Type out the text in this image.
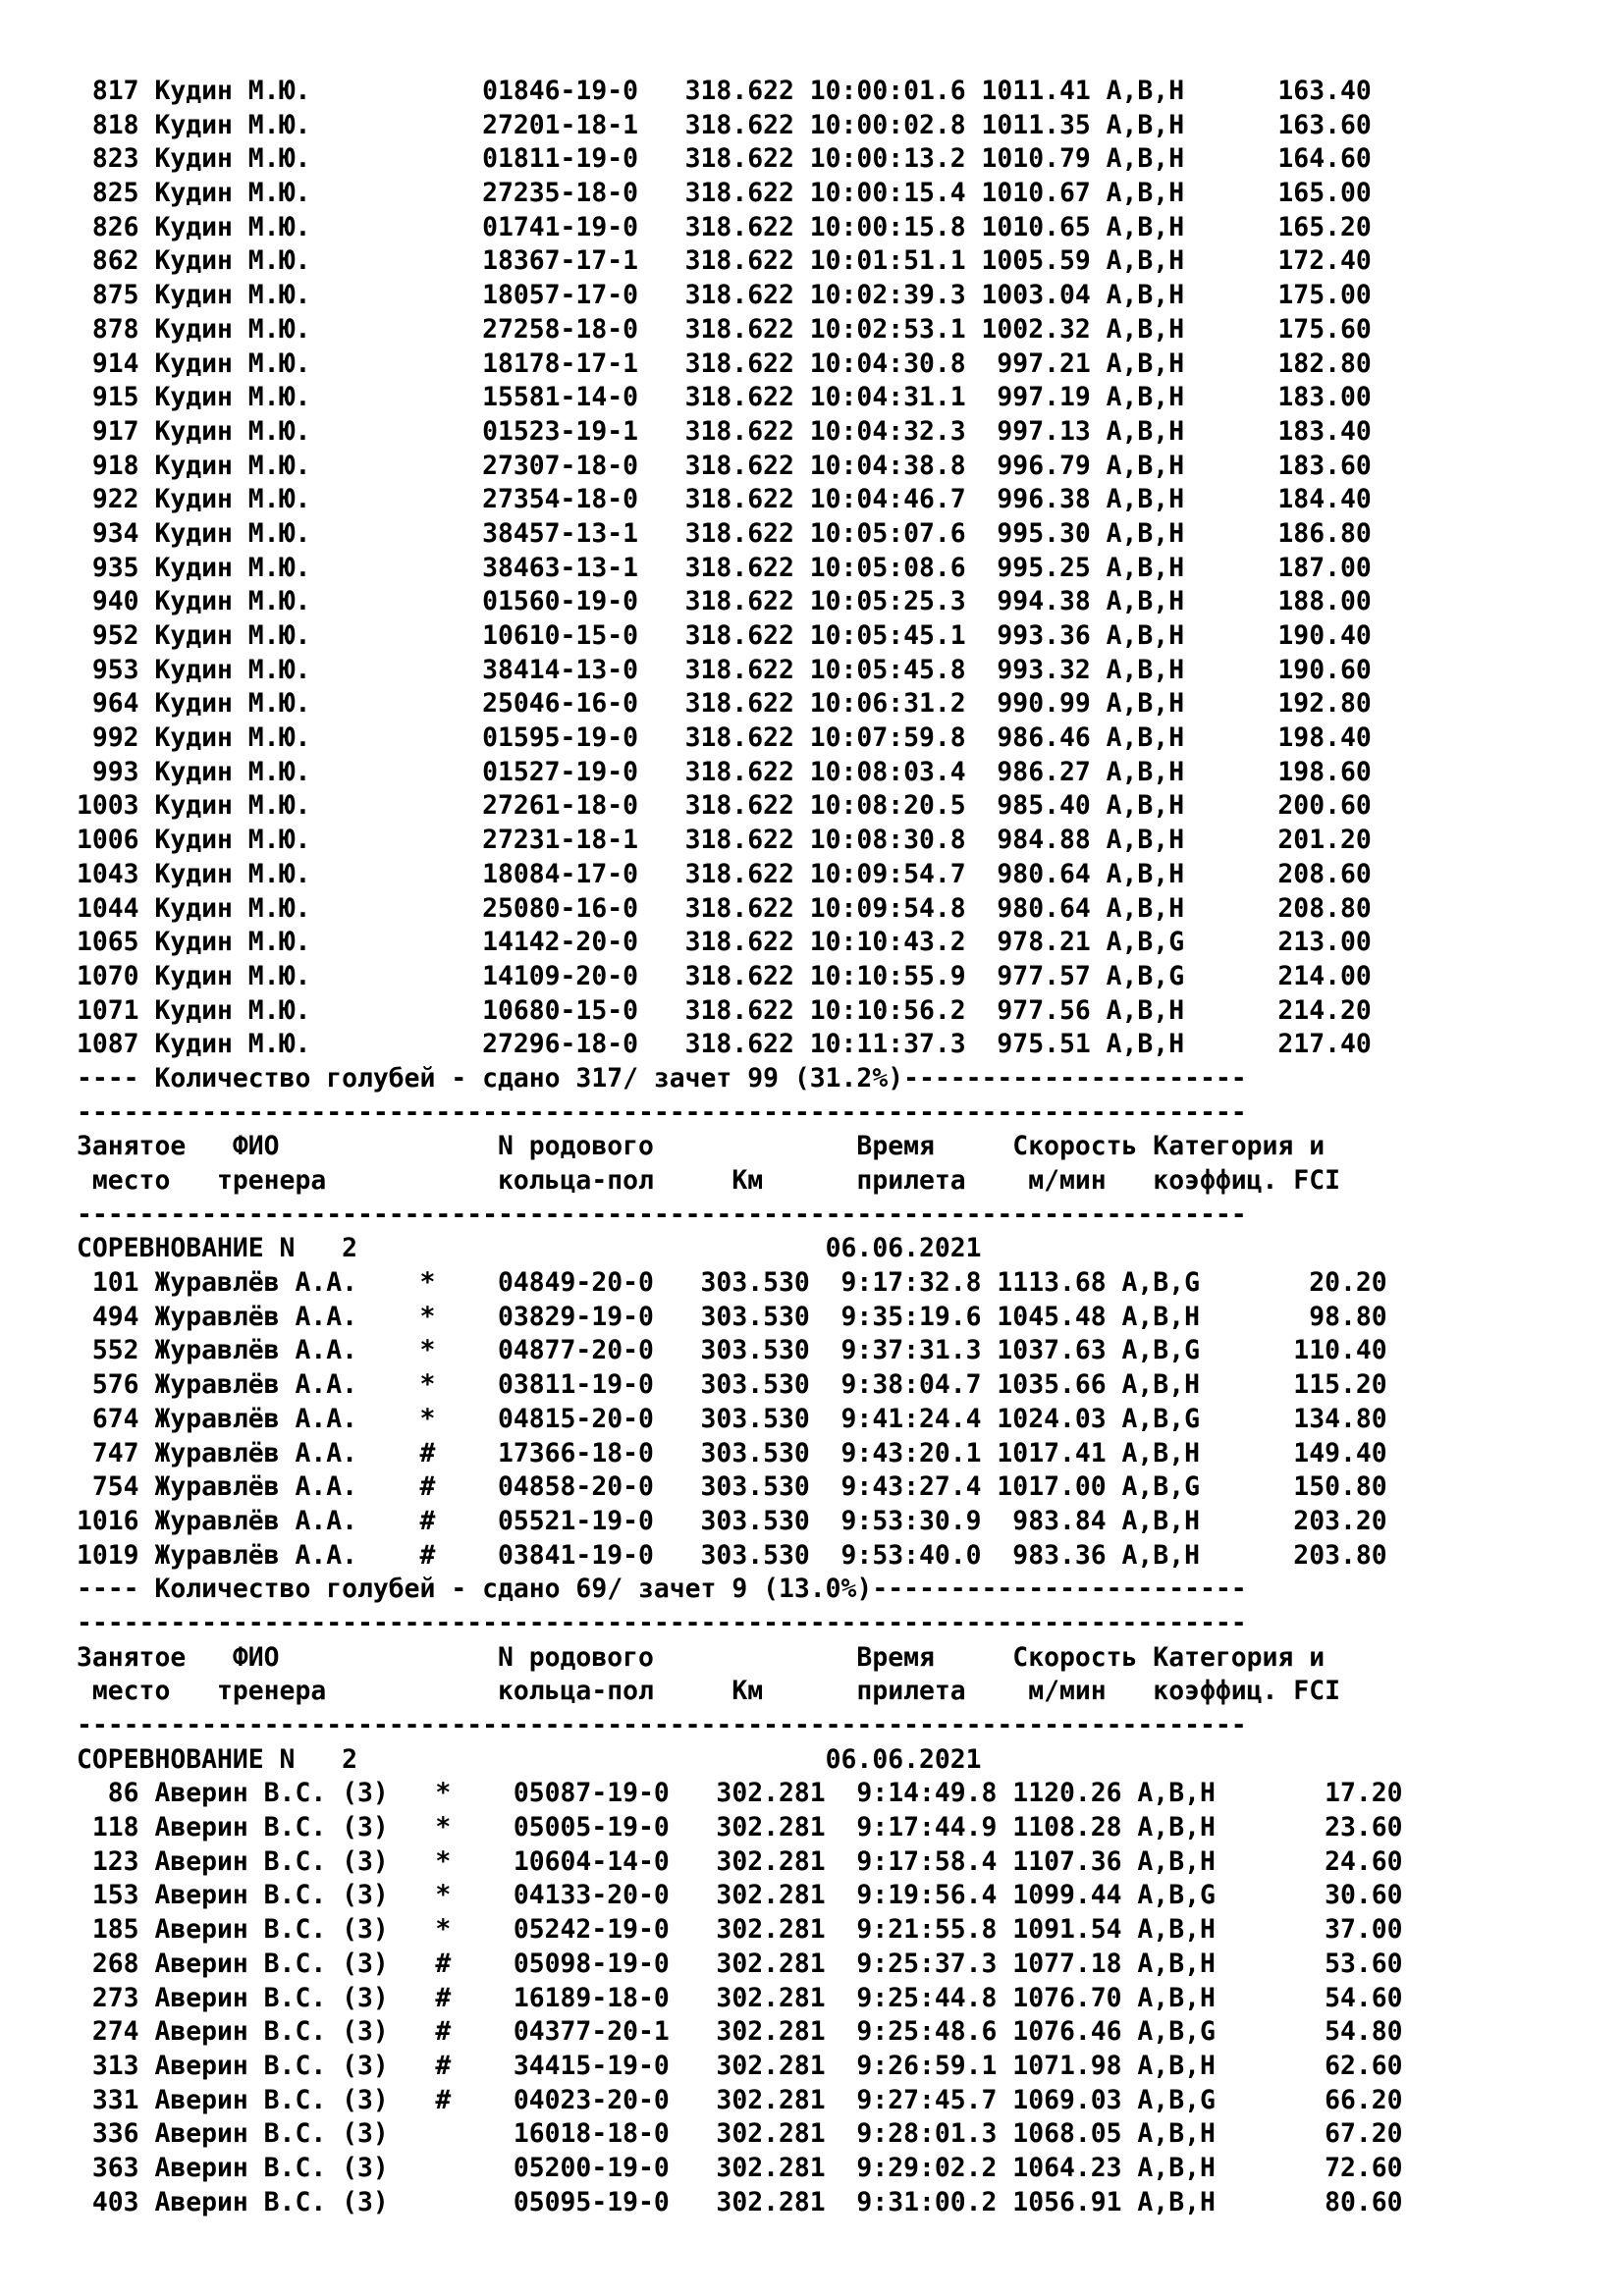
817 Кудин М.Ю.           01846-19-0   318.622 10:00:01.6 1011.41 A,B,H      163.40
818 Кудин М.Ю.           27201-18-1   318.622 10:00:02.8 1011.35 A,B,H      163.60
823 Кудин М.Ю.           01811-19-0   318.622 10:00:13.2 1010.79 A,B,H      164.60
825 Кудин М.Ю.           27235-18-0   318.622 10:00:15.4 1010.67 A,B,H      165.00
826 Кудин М.Ю.           01741-19-0   318.622 10:00:15.8 1010.65 A,B,H      165.20
862 Кудин М.Ю.           18367-17-1   318.622 10:01:51.1 1005.59 A,B,H      172.40
875 Кудин М.Ю.           18057-17-0   318.622 10:02:39.3 1003.04 A,B,H      175.00
878 Кудин М.Ю.           27258-18-0   318.622 10:02:53.1 1002.32 A,B,H      175.60
914 Кудин М.Ю.           18178-17-1   318.622 10:04:30.8  997.21 A,B,H      182.80
915 Кудин М.Ю.           15581-14-0   318.622 10:04:31.1  997.19 A,B,H      183.00
917 Кудин М.Ю.           01523-19-1   318.622 10:04:32.3  997.13 A,B,H      183.40
918 Кудин М.Ю.           27307-18-0   318.622 10:04:38.8  996.79 A,B,H      183.60
922 Кудин М.Ю.           27354-18-0   318.622 10:04:46.7  996.38 A,B,H      184.40
934 Кудин М.Ю.           38457-13-1   318.622 10:05:07.6  995.30 A,B,H      186.80
935 Кудин М.Ю.           38463-13-1   318.622 10:05:08.6  995.25 A,B,H      187.00
940 Кудин М.Ю.           01560-19-0   318.622 10:05:25.3  994.38 A,B,H      188.00
952 Кудин М.Ю.           10610-15-0   318.622 10:05:45.1  993.36 A,B,H      190.40
953 Кудин М.Ю.           38414-13-0   318.622 10:05:45.8  993.32 A,B,H      190.60
964 Кудин М.Ю.           25046-16-0   318.622 10:06:31.2  990.99 A,B,H      192.80
992 Кудин М.Ю.           01595-19-0   318.622 10:07:59.8  986.46 A,B,H      198.40
993 Кудин М.Ю.           01527-19-0   318.622 10:08:03.4  986.27 A,B,H      198.60
1003 Кудин М.Ю.           27261-18-0   318.622 10:08:20.5  985.40 A,B,H      200.60
1006 Кудин М.Ю.           27231-18-1   318.622 10:08:30.8  984.88 A,B,H      201.20
1043 Кудин М.Ю.           18084-17-0   318.622 10:09:54.7  980.64 A,B,H      208.60
1044 Кудин М.Ю.           25080-16-0   318.622 10:09:54.8  980.64 A,B,H      208.80
1065 Кудин М.Ю.           14142-20-0   318.622 10:10:43.2  978.21 A,B,G      213.00
1070 Кудин М.Ю.           14109-20-0   318.622 10:10:55.9  977.57 A,B,G      214.00
1071 Кудин М.Ю.           10680-15-0   318.622 10:10:56.2  977.56 A,B,H      214.20
1087 Кудин М.Ю.           27296-18-0   318.622 10:11:37.3  975.51 A,B,H      217.40
---- Количество голубей - сдано 317/ зачет 99 (31.2%)----------------------
---------------------------------------------------------------------------
Занятое   ФИО              N родового             Время     Скорость Категория и
место   тренера           кольца-пол     Км      прилета    м/мин   коэффиц. FCI
---------------------------------------------------------------------------
СОРЕВНОВАНИЕ N   2                              06.06.2021
101 Журавлёв А.А.    *    04849-20-0   303.530  9:17:32.8 1113.68 A,B,G       20.20
494 Журавлёв А.А.    *    03829-19-0   303.530  9:35:19.6 1045.48 A,B,H       98.80
552 Журавлёв А.А.    *    04877-20-0   303.530  9:37:31.3 1037.63 A,B,G      110.40
576 Журавлёв А.А.    *    03811-19-0   303.530  9:38:04.7 1035.66 A,B,H      115.20
674 Журавлёв А.А.    *    04815-20-0   303.530  9:41:24.4 1024.03 A,B,G      134.80
747 Журавлёв А.А.    #    17366-18-0   303.530  9:43:20.1 1017.41 A,B,H      149.40
754 Журавлёв А.А.    #    04858-20-0   303.530  9:43:27.4 1017.00 A,B,G      150.80
1016 Журавлёв А.А.    #    05521-19-0   303.530  9:53:30.9  983.84 A,B,H      203.20
1019 Журавлёв А.А.    #    03841-19-0   303.530  9:53:40.0  983.36 A,B,H      203.80
---- Количество голубей - сдано 69/ зачет 9 (13.0%)------------------------
---------------------------------------------------------------------------
Занятое   ФИО              N родового             Время     Скорость Категория и
место   тренера           кольца-пол     Км      прилета    м/мин   коэффиц. FCI
---------------------------------------------------------------------------
СОРЕВНОВАНИЕ N   2                              06.06.2021
86 Аверин В.С. (З)   *    05087-19-0   302.281  9:14:49.8 1120.26 A,B,H       17.20
118 Аверин В.С. (З)   *    05005-19-0   302.281  9:17:44.9 1108.28 A,B,H       23.60
123 Аверин В.С. (З)   *    10604-14-0   302.281  9:17:58.4 1107.36 A,B,H       24.60
153 Аверин В.С. (З)   *    04133-20-0   302.281  9:19:56.4 1099.44 A,B,G       30.60
185 Аверин В.С. (З)   *    05242-19-0   302.281  9:21:55.8 1091.54 A,B,H       37.00
268 Аверин В.С. (З)   #    05098-19-0   302.281  9:25:37.3 1077.18 A,B,H       53.60
273 Аверин В.С. (З)   #    16189-18-0   302.281  9:25:44.8 1076.70 A,B,H       54.60
274 Аверин В.С. (З)   #    04377-20-1   302.281  9:25:48.6 1076.46 A,B,G       54.80
313 Аверин В.С. (З)   #    34415-19-0   302.281  9:26:59.1 1071.98 A,B,H       62.60
331 Аверин В.С. (З)   #    04023-20-0   302.281  9:27:45.7 1069.03 A,B,G       66.20
336 Аверин В.С. (З)        16018-18-0   302.281  9:28:01.3 1068.05 A,B,H       67.20
363 Аверин В.С. (З)        05200-19-0   302.281  9:29:02.2 1064.23 A,B,H       72.60
403 Аверин В.С. (З)        05095-19-0   302.281  9:31:00.2 1056.91 A,B,H       80.60
